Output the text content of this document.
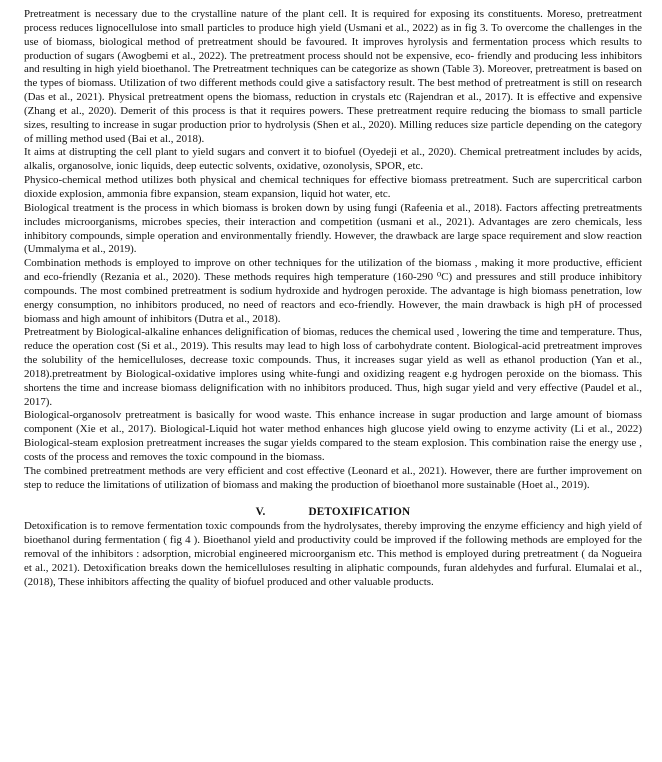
Pretreatment is necessary due to the crystalline nature of the plant cell. It is required for exposing its constituents. Moreso, pretreatment process reduces lignocellulose into small particles to produce high yield (Usmani et al., 2022) as in fig 3. To overcome the challenges in the use of biomass, biological method of pretreatment should be favoured. It improves hyrolysis and fermentation process which results to production of sugars (Awogbemi et al., 2022). The pretreatment process should not be expensive, eco- friendly and producing less inhibitors and resulting in high yield bioethanol. The Pretreatment techniques can be categorize as shown (Table 3). Moreover, pretreatment is based on the types of biomass. Utilization of two different methods could give a satisfactory result. The best method of pretreatment is still on research (Das et al., 2021). Physical pretreatment opens the biomass, reduction in crystals etc (Rajendran et al., 2017). It is effective and expensive (Zhang et al., 2020). Demerit of this process is that it requires powers. These pretreatment require reducing the biomass to small particle sizes, resulting to increase in sugar production prior to hydrolysis (Shen et al., 2020). Milling reduces size particle depending on the category of milling method used (Bai et al., 2018).

It aims at distrupting the cell plant to yield sugars and convert it to biofuel (Oyedeji et al., 2020). Chemical pretreatment includes by acids, alkalis, organosolve, ionic liquids, deep eutectic solvents, oxidative, ozonolysis, SPOR, etc.

Physico-chemical method utilizes both physical and chemical techniques for effective biomass pretreatment. Such are supercritical carbon dioxide explosion, ammonia fibre expansion, steam expansion, liquid hot water, etc.

Biological treatment is the process in which biomass is broken down by using fungi (Rafeenia et al., 2018). Factors affecting pretreatments includes microorganisms, microbes species, their interaction and competition (usmani et al., 2021). Advantages are zero chemicals, less inhibitory compounds, simple operation and environmentally friendly. However, the drawback are large space requirement and slow reaction (Ummalyma et al., 2019).

Combination methods is employed to improve on other techniques for the utilization of the biomass , making it more productive, efficient and eco-friendly (Rezania et al., 2020). These methods requires high temperature (160-290 ⁰C) and pressures and still produce inhibitory compounds. The most combined pretreatment is sodium hydroxide and hydrogen peroxide. The advantage is high biomass penetration, low energy consumption, no inhibitors produced, no need of reactors and eco-friendly. However, the main drawback is high pH of processed biomass and high amount of inhibitors (Dutra et al., 2018).

Pretreatment by Biological-alkaline enhances delignification of biomas, reduces the chemical used , lowering the time and temperature. Thus, reduce the operation cost (Si et al., 2019). This results may lead to high loss of carbohydrate content. Biological-acid pretreatment improves the solubility of the hemicelluloses, decrease toxic compounds. Thus, it increases sugar yield as well as ethanol production (Yan et al., 2018).pretreatment by Biological-oxidative implores using white-fungi and oxidizing reagent e.g hydrogen peroxide on the biomass. This shortens the time and increase biomass delignification with no inhibitors produced. Thus, high sugar yield and very effective (Paudel et al., 2017).

Biological-organosolv pretreatment is basically for wood waste. This enhance increase in sugar production and large amount of biomass component (Xie et al., 2017). Biological-Liquid hot water method enhances high glucose yield owing to enzyme activity (Li et al., 2022) Biological-steam explosion pretreatment increases the sugar yields compared to the steam explosion. This combination raise the energy use , costs of the process and removes the toxic compound in the biomass.

The combined pretreatment methods are very efficient and cost effective (Leonard et al., 2021). However, there are further improvement on step to reduce the limitations of utilization of biomass and making the production of bioethanol more sustainable (Hoet al., 2019).

V.	DETOXIFICATION

Detoxification is to remove fermentation toxic compounds from the hydrolysates, thereby improving the enzyme efficiency and high yield of bioethanol during fermentation ( fig 4 ). Bioethanol yield and productivity could be improved if the following methods are employed for the removal of the inhibitors : adsorption, microbial engineered microorganism etc. This method is employed during pretreatment ( da Nogueira et al., 2021). Detoxification breaks down the hemicelluloses resulting in aliphatic compounds, furan aldehydes and furfural. Elumalai et al., (2018), These inhibitors affecting the quality of biofuel produced and other valuable products.
